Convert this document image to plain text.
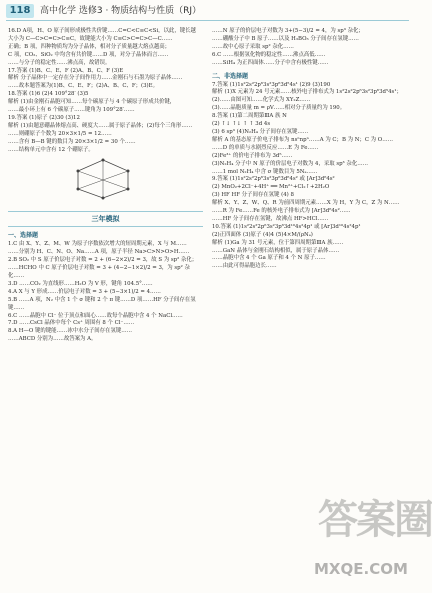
118	高中化学 选修3 · 物质结构与性质（RJ）

16.D A项，H、O 原子间形成极性共价键……C=C<C≡C<Si，以此，键长越

大小为 C—C>C=C>C≡C，故键能大小为 C≡C>C=C>C—C……

正确；B 项，四种物质均为分子晶体，相对分子质量越大熔点越高；

C 项，CO₂、SiO₂ 中均含有共价键……D 项，对分子晶体而言……

……与分子的稳定性……沸点高，故错误。

17.答案 (1)B、C、E、F (2)A、B、C、F (3)E

解析 分子晶体中一定存在分子间作用力……金刚石与石墨为原子晶体……

……故本题答案为(1)B、C、E、F；(2)A、B、C、F；(3)E。

18.答案 (1)6 (2)4 109°28′ (3)5

解析 (1)由金刚石晶胞可知……每个碳原子与 4 个碳原子形成共价键，

……最小环上有 6 个碳原子……键角为 109°28′……

19.答案 (1)原子 (2)30 (3)12

解析 (1)由题意硼晶体熔点高、硬度大……属于原子晶体；(2)每个三角形……

……则硼原子个数为 20×3×1/5 = 12……

……含有 B—B 键的数目为 20×3×1/2 = 30 个……

……结构单元中含有 12 个硼原子。

三年模拟
一、选择题

1.C 由 X、Y、Z、M、W 为原子序数依次增大的短周期元素，X 与 M……

……分别为 H、C、N、O、Na……A 项，原子半径 Na>C>N>O>H……

2.B SO₂ 中 S 原子价层电子对数 = 2 + (6−2×2)/2 = 3，故 S 为 sp² 杂化；

……HCHO 中 C 原子价层电子对数 = 3 + (4−2−1×2)/2 = 3，为 sp² 杂化……

3.D ……CO₂ 为直线形……H₂O 为 V 形，键角 104.5°……

4.A X 与 Y 形成……价层电子对数 = 3 + (5−3×1)/2 = 4……

5.B ……A 项，N₂ 中含 1 个 σ 键和 2 个 π 键……D 项……HF 分子间存在氢键……

6.C ……晶胞中 Cl⁻ 位于顶点和面心……故每个晶胞中含 4 个 NaCl……

7.D ……CsCl 晶体中每个 Cs⁺ 周围有 8 个 Cl⁻……

8.A H—O 键的键能……冰中水分子间存在氢键……

……ABCD 分别为……故答案为 A。

……N 原子的价层电子对数为 3+(5−3)/2 = 4，为 sp³ 杂化；

……硼酸分子中 B 原子……以及 H₃BO₃ 分子间存在氢键……

……故中心原子采取 sp² 杂化……

6.C ……根据氢化物的稳定性……沸点高低……

……SiH₄ 为正四面体……分子中含有极性键……

二、非选择题

7.答案 (1)1s²2s²2p⁶3s²3p⁶3d⁵4s¹ (2)9 (3)190

解析 (1)X 元素为 24 号元素……核外电子排布式为 1s²2s²2p⁶3s²3p⁶3d⁵4s¹；

(2)……由图可知……化学式为 XY₂Z……

(3)……晶胞质量 m = ρV……相对分子质量约为 190。

8.答案 (1)第二周期第ⅢA 族 N

(2) ↑↓ ↑↓ ↑ ↑ 3d 4s

(3) 6 sp³ (4)N₂H₄ 分子间存在氢键……

解析 A 的基态原子价电子排布为 nsⁿnpⁿ……A 为 C；B 为 N；C 为 O……

……D 的单质与水剧烈反应……E 为 Fe……

(2)Fe³⁺ 的价电子排布为 3d⁵……

(3)N₂H₄ 分子中 N 原子的价层电子对数为 4，采取 sp³ 杂化……

……1 mol N₂H₄ 中含 σ 键数目为 5Nₐ……

9.答案 (1)1s²2s²2p⁶3s²3p⁶3d⁶4s² 或 [Ar]3d⁶4s²

(2) MnO₂+2Cl⁻+4H⁺ ══ Mn²⁺+Cl₂↑+2H₂O

(3) HF HF 分子间存在氢键 (4) 8

解析 X、Y、Z、W、Q、R 为前四周期元素……X 为 H，Y 为 C，Z 为 N……

……R 为 Fe……Fe 的核外电子排布式为 [Ar]3d⁶4s²……

……HF 分子间存在氢键，故沸点 HF>HCl……

10.答案 (1)1s²2s²2p⁶3s²3p⁶3d¹⁰4s²4p¹ 或 [Ar]3d¹⁰4s²4p¹

(2)正四面体 (3)原子 (4)4 (5)4×M/(ρNₐ)

解析 (1)Ga 为 31 号元素，位于第四周期第ⅢA 族……

……GaN 晶体与金刚石结构相似，属于原子晶体……

……晶胞中含 4 个 Ga 原子和 4 个 N 原子……

……由此可得晶胞边长……

答案圈
MXQE.COM
